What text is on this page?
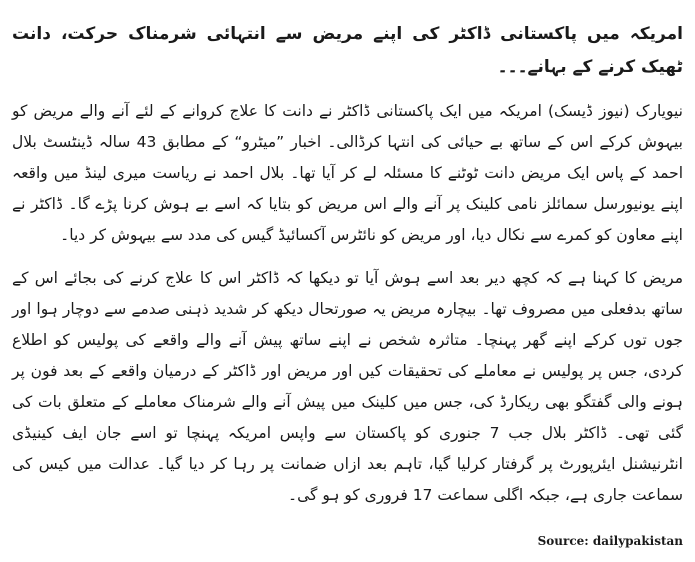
امریکہ میں پاکستانی ڈاکٹر کی اپنے مریض سے انتہائی شرمناک حرکت، دانت ٹھیک کرنے کے بہانے۔۔۔
نیویارک (نیوز ڈیسک) امریکہ میں ایک پاکستانی ڈاکٹر نے دانت کا علاج کروانے کے لئے آنے والے مریض کو بیہوش کرکے اس کے ساتھ بے حیائی کی انتہا کرڈالی۔ اخبار ”میٹرو“ کے مطابق 43 سالہ ڈینٹسٹ بلال احمد کے پاس ایک مریض دانت ٹوٹنے کا مسئلہ لے کر آیا تھا۔ بلال احمد نے ریاست میری لینڈ میں واقعہ اپنے یونیورسل سمائلز نامی کلینک پر آنے والے اس مریض کو بتایا کہ اسے بے ہوش کرنا پڑے گا۔ ڈاکٹر نے اپنے معاون کو کمرے سے نکال دیا، اور مریض کو نائٹرس آکسائیڈ گیس کی مدد سے بیہوش کر دیا۔
مریض کا کہنا ہے کہ کچھ دیر بعد اسے ہوش آیا تو دیکھا کہ ڈاکٹر اس کا علاج کرنے کی بجائے اس کے ساتھ بدفعلی میں مصروف تھا۔ بیچارہ مریض یہ صورتحال دیکھ کر شدید ذہنی صدمے سے دوچار ہوا اور جوں توں کرکے اپنے گھر پہنچا۔ متاثرہ شخص نے اپنے ساتھ پیش آنے والے واقعے کی پولیس کو اطلاع کردی، جس پر پولیس نے معاملے کی تحقیقات کیں اور مریض اور ڈاکٹر کے درمیان واقعے کے بعد فون پر ہونے والی گفتگو بھی ریکارڈ کی، جس میں کلینک میں پیش آنے والے شرمناک معاملے کے متعلق بات کی گئی تھی۔ ڈاکٹر بلال جب 7 جنوری کو پاکستان سے واپس امریکہ پہنچا تو اسے جان ایف کینیڈی انٹرنیشنل ایئرپورٹ پر گرفتار کرلیا گیا، تاہم بعد ازاں ضمانت پر رہا کر دیا گیا۔ عدالت میں کیس کی سماعت جاری ہے، جبکہ اگلی سماعت 17 فروری کو ہو گی۔
Source: dailypakistan
